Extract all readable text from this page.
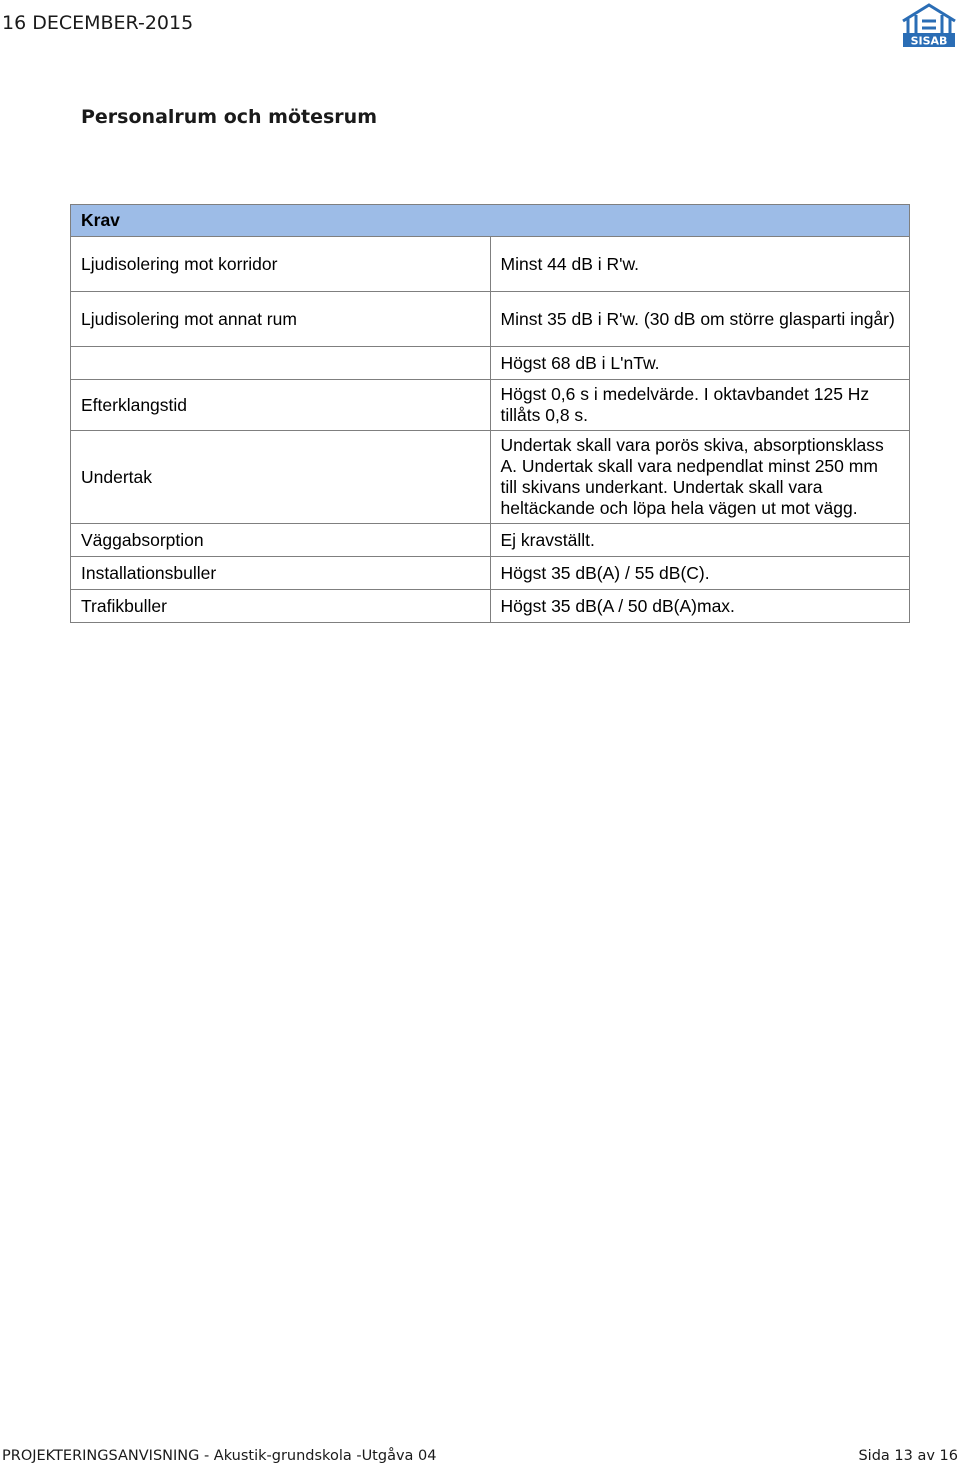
16 DECEMBER-2015
SISAB
Personalrum och mötesrum
Krav	
Ljudisolering mot korridor	Minst 44 dB i R'w.
Ljudisolering mot annat rum	Minst 35 dB i R'w. (30 dB om större glasparti ingår)
	Högst 68 dB i L'nTw.
Efterklangstid	Högst 0,6 s i medelvärde. I oktavbandet 125 Hz tillåts 0,8 s.
Undertak	Undertak skall vara porös skiva, absorptionsklass A. Undertak skall vara nedpendlat minst 250 mm till skivans underkant. Undertak skall vara heltäckande och löpa hela vägen ut mot vägg.
Väggabsorption	Ej kravställt.
Installationsbuller	Högst 35 dB(A) / 55 dB(C).
Trafikbuller	Högst 35 dB(A / 50 dB(A)max.
PROJEKTERINGSANVISNING - Akustik-grundskola -Utgåva 04	Sida 13 av 16
